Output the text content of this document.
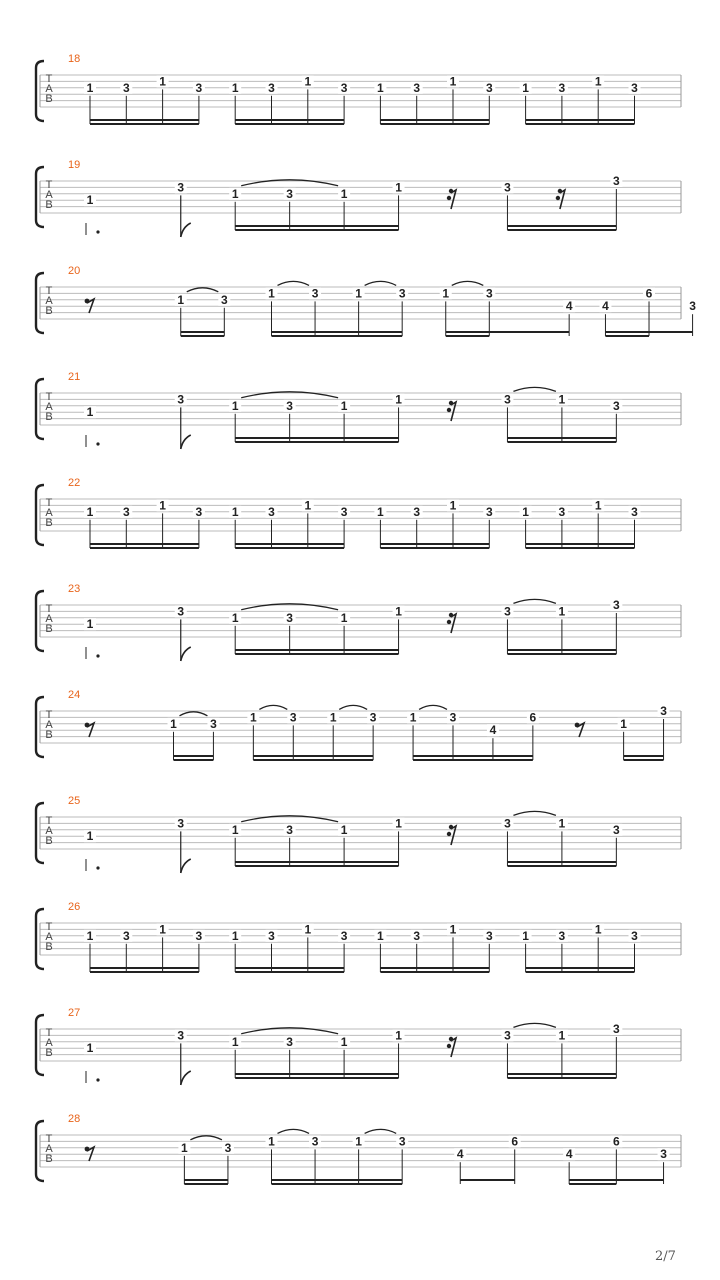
T
A
B
18
1 3 1 3 1 3 1 3 1 3 1 3 1 3 1 3
T
A
B
19
1
3	1	3	1	1	3	3
T
A
B
20
1	3	1	3	1	3	1	3
4 4
6
3
T
A
B
21
1
3	1	3	1	1	3	1	3
T
A
B
22
1 3 1 3 1 3 1 3 1 3 1 3 1 3 1 3
T
A
B
23
1
3	1	3	1	1	3	1	3
T
A
B
24
1	3	1	3	1	3	1	3
4
6	1
3
T
A
B
25
1
3	1	3	1	1	3	1	3
T
A
B
26
1 3 1 3 1 3 1 3 1 3 1 3 1 3 1 3
T
A
B
27
1
3	1	3	1	1	3	1	3
T
A
B
28
1	3	1	3	1	3
4
6
4
6
3
2/7
